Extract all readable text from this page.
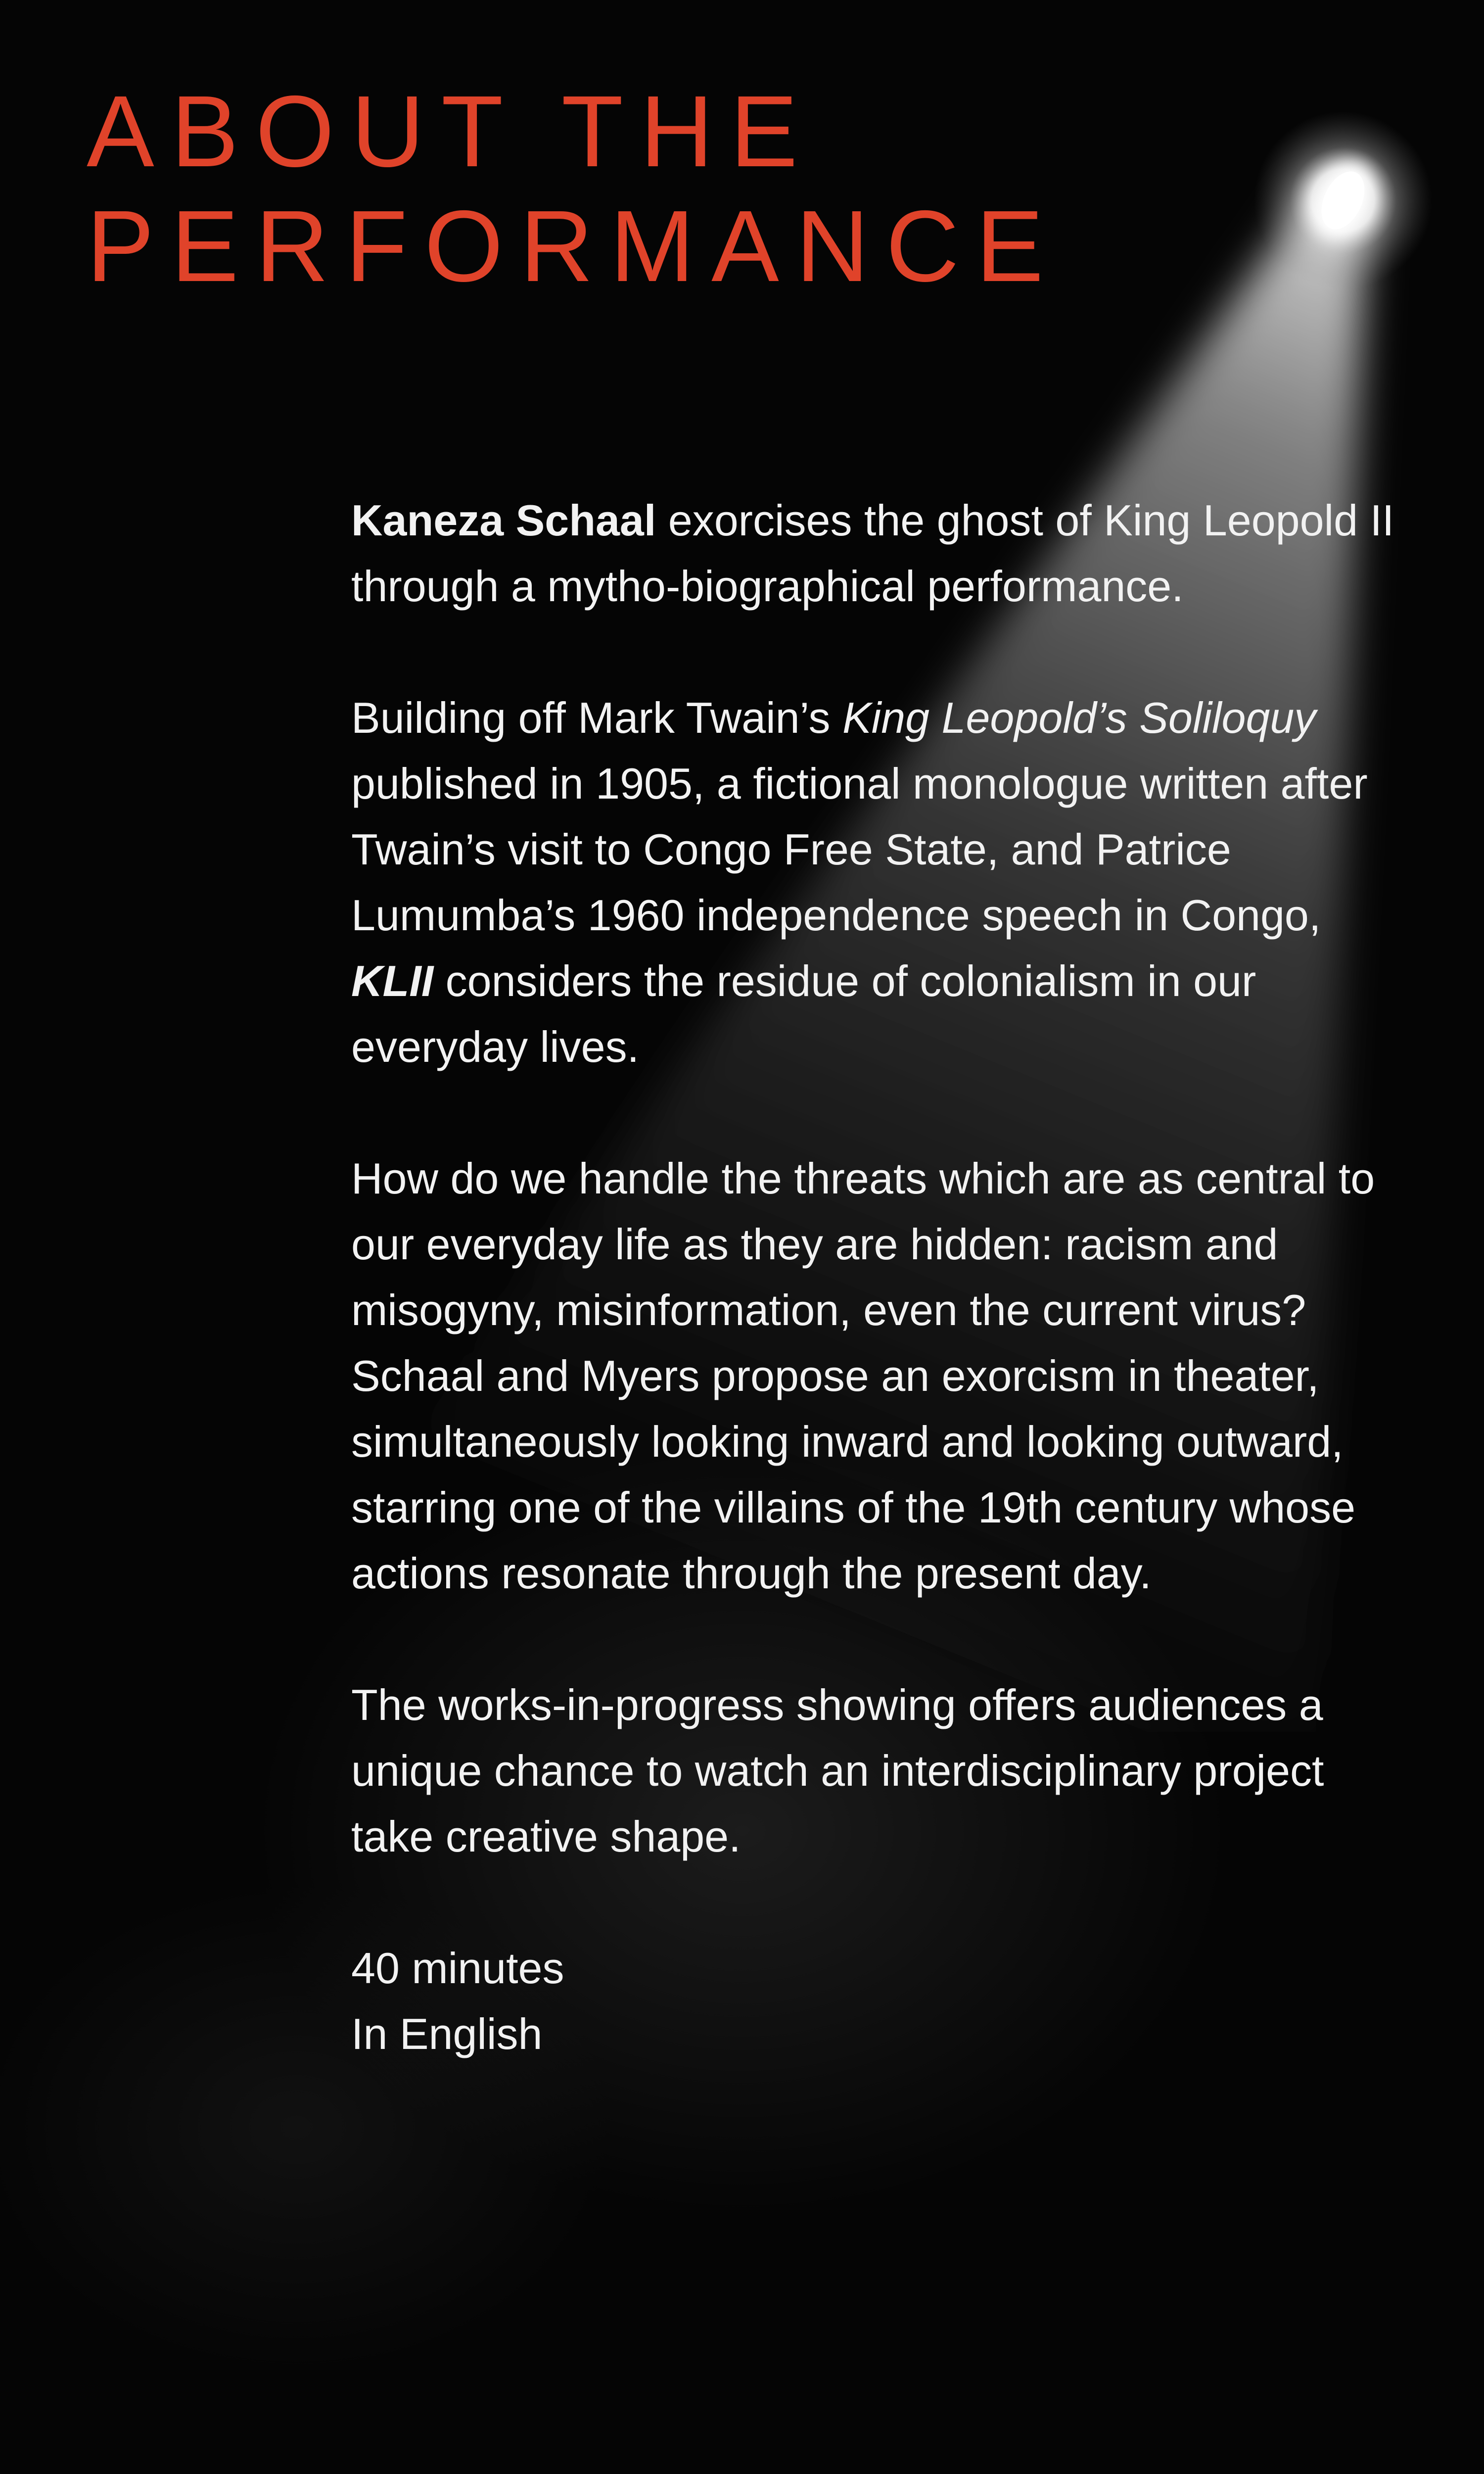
ABOUT THE
PERFORMANCE

Kaneza Schaal exorcises the ghost of King Leopold II through a mytho-biographical performance.

Building off Mark Twain’s King Leopold’s Soliloquy published in 1905, a fictional monologue written after Twain’s visit to Congo Free State, and Patrice Lumumba’s 1960 independence speech in Congo, KLII considers the residue of colonialism in our everyday lives.

How do we handle the threats which are as central to our everyday life as they are hidden: racism and misogyny, misinformation, even the current virus? Schaal and Myers propose an exorcism in theater, simultaneously looking inward and looking outward, starring one of the villains of the 19th century whose actions resonate through the present day.

The works-in-progress showing offers audiences a unique chance to watch an interdisciplinary project take creative shape.

40 minutes
In English
